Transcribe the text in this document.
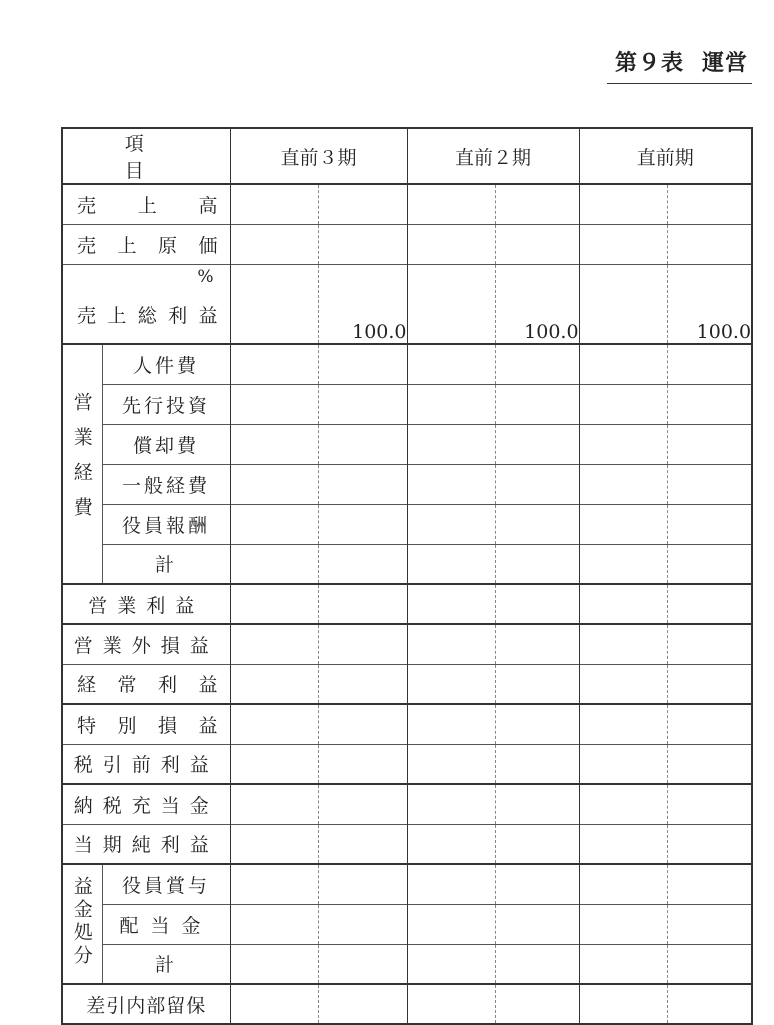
第９表 運営
項　　目		直前３期		直前２期		直前期	

売　上　高							

売上原価							

%
売上総利益			100.0		100.0		100.0
営業経費	人件費						
	先行投資						
	償却費						
	一般経費						
	役員報酬						
	計						
営業利益							
営業外損益							

経常利益							

特別損益							

税引前利益							
納税充当金							
当期純利益							
益金処分	役員賞与						
	配当金						
	計						
差引内部留保							
